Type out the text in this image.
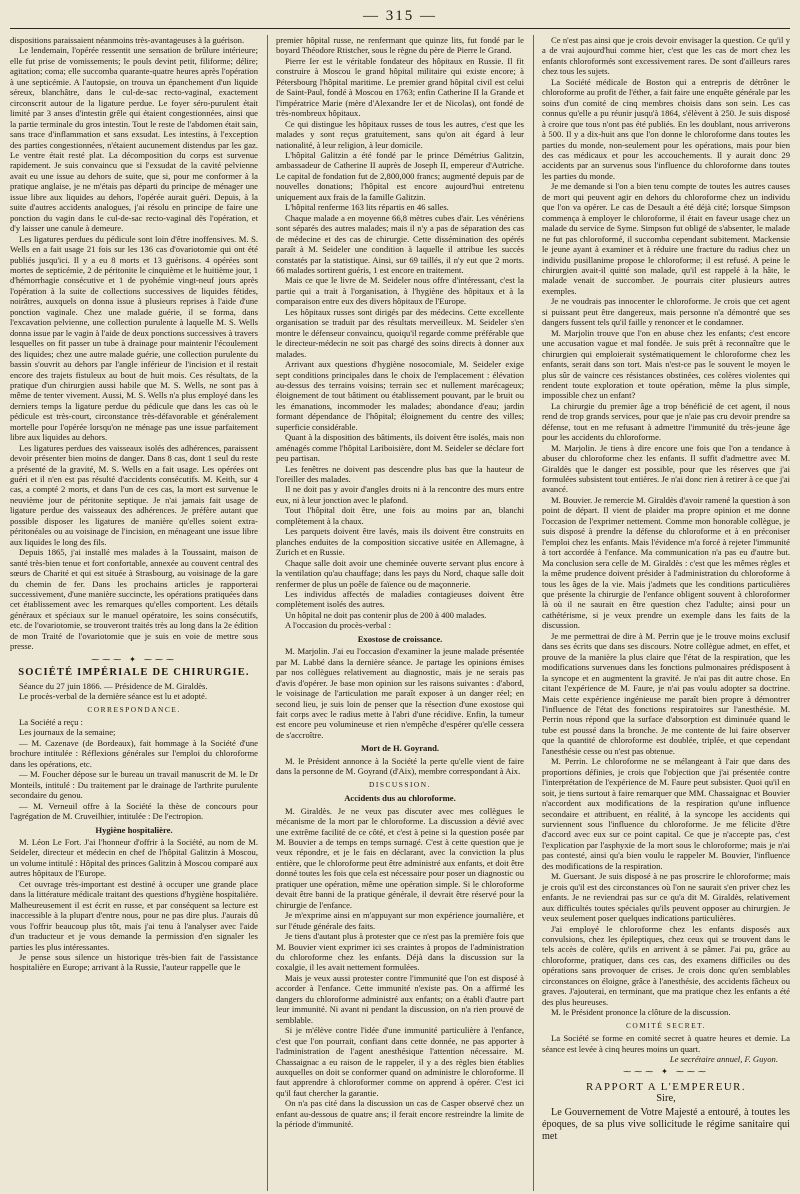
— 315 —

dispositions paraissaient néanmoins très-avantageuses à la guérison.

Le lendemain, l'opérée ressentit une sensation de brûlure intérieure; elle fut prise de vomissements; le pouls devint petit, filiforme; délire; agitation; coma; elle succomba quarante-quatre heures après l'opération à une septicémie. A l'autopsie, on trouva un épanchement d'un liquide séreux, blanchâtre, dans le cul-de-sac recto-vaginal, exactement circonscrit autour de la ligature perdue. Le foyer séro-purulent était limité par 3 anses d'intestin grêle qui étaient congestionnées, ainsi que la partie terminale du gros intestin. Tout le reste de l'abdomen était sain, sans trace d'inflammation et sans exsudat. Les intestins, à l'exception des parties congestionnées, n'étaient aucunement distendus par les gaz. Le ventre était resté plat. La décomposition du corps est survenue rapidement. Je suis convaincu que si l'exsudat de la cavité pelvienne avait eu une issue au dehors de suite, que si, pour me conformer à la pratique anglaise, je ne m'étais pas départi du principe de ménager une issue libre aux liquides au dehors, l'opérée aurait guéri. Depuis, à la suite d'autres accidents analogues, j'ai résolu en principe de faire une ponction du vagin dans le cul-de-sac recto-vaginal dès l'opération, et d'y laisser une canule à demeure.

Les ligatures perdues du pédicule sont loin d'être inoffensives. M. S. Wells en a fait usage 21 fois sur les 136 cas d'ovariotomie qui ont été publiés jusqu'ici. Il y a eu 8 morts et 13 guérisons. 4 opérées sont mortes de septicémie, 2 de péritonite le cinquième et le huitième jour, 1 d'hémorrhagie consécutive et 1 de pyohémie vingt-neuf jours après l'opération à la suite de collections successives de liquides fétides, noirâtres, auxquels on donna issue à plusieurs reprises à l'aide d'une ponction vaginale. Chez une malade guérie, il se forma, dans l'excavation pelvienne, une collection purulente à laquelle M. S. Wells donna issue par le vagin à l'aide de deux ponctions successives à travers lesquelles on fit passer un tube à drainage pour maintenir l'écoulement des liquides; chez une autre malade guérie, une collection purulente du bassin s'ouvrit au dehors par l'angle inférieur de l'incision et il restait encore des trajets fistuleux au bout de huit mois. Ces résultats, de la pratique d'un chirurgien aussi habile que M. S. Wells, ne sont pas à même de tenter vivement. Aussi, M. S. Wells n'a plus employé dans les derniers temps la ligature perdue du pédicule que dans les cas où le pédicule est très-court, circonstance très-défavorable et généralement mortelle pour l'opérée lorsqu'on ne ménage pas une issue parfaitement libre aux liquides au dehors.

Les ligatures perdues des vaisseaux isolés des adhérences, paraissent devoir présenter bien moins de danger. Dans 8 cas, dont 1 seul du reste a présenté de la gravité, M. S. Wells en a fait usage. Les opérées ont guéri et il n'en est pas résulté d'accidents consécutifs. M. Keith, sur 4 cas, a compté 2 morts, et dans l'un de ces cas, la mort est survenue le neuvième jour de péritonite septique. Je n'ai jamais fait usage de ligature perdue des vaisseaux des adhérences. Je préfère autant que possible disposer les ligatures de manière qu'elles soient extra-péritonéales ou au voisinage de l'incision, en ménageant une issue libre aux liquides le long des fils.

Depuis 1865, j'ai installé mes malades à la Toussaint, maison de santé très-bien tenue et fort confortable, annexée au couvent central des sœurs de Charité et qui est située à Strasbourg, au voisinage de la gare du chemin de fer. Dans les prochains articles je rapporterai successivement, d'une manière succincte, les opérations pratiquées dans cet établissement avec les remarques qu'elles comportent. Les détails généraux et spéciaux sur le manuel opératoire, les soins consécutifs, etc. de l'ovariotomie, se trouveront traités très au long dans la 2e édition de mon Traité de l'ovariotomie que je suis en voie de mettre sous presse.

⁓⁓⁓ ✦ ⁓⁓⁓
SOCIÉTÉ IMPÉRIALE DE CHIRURGIE.

Séance du 27 juin 1866. — Présidence de M. Giraldès.

Le procès-verbal de la dernière séance est lu et adopté.

CORRESPONDANCE.

La Société a reçu :

Les journaux de la semaine;

— M. Cazenave (de Bordeaux), fait hommage à la Société d'une brochure intitulée : Réflexions générales sur l'emploi du chloroforme dans les opérations, etc.

— M. Foucher dépose sur le bureau un travail manuscrit de M. le Dr Monteils, intitulé : Du traitement par le drainage de l'arthrite purulente secondaire du genou.

— M. Verneuil offre à la Société la thèse de concours pour l'agrégation de M. Cruveilhier, intitulée : De l'ectropion.

Hygiène hospitalière.

M. Léon Le Fort. J'ai l'honneur d'offrir à la Société, au nom de M. Seideler, directeur et médecin en chef de l'hôpital Galitzin à Moscou, un volume intitulé : Hôpital des princes Galitzin à Moscou comparé aux autres hôpitaux de l'Europe.

Cet ouvrage très-important est destiné à occuper une grande place dans la littérature médicale traitant des questions d'hygiène hospitalière. Malheureusement il est écrit en russe, et par conséquent sa lecture est inaccessible à la plupart d'entre nous, pour ne pas dire plus. J'aurais dû vous l'offrir beaucoup plus tôt, mais j'ai tenu à l'analyser avec l'aide d'un traducteur et je vous demande la permission d'en signaler les parties les plus intéressantes.

Je pense sous silence un historique très-bien fait de l'assistance hospitalière en Europe; arrivant à la Russie, l'auteur rappelle que le

premier hôpital russe, ne renfermant que quinze lits, fut fondé par le boyard Théodore Rtistcher, sous le règne du père de Pierre le Grand.

Pierre Ier est le véritable fondateur des hôpitaux en Russie. Il fit construire à Moscou le grand hôpital militaire qui existe encore; à Pétersbourg l'hôpital maritime. Le premier grand hôpital civil est celui de Saint-Paul, fondé à Moscou en 1763; enfin Catherine II la Grande et l'impératrice Marie (mère d'Alexandre Ier et de Nicolas), ont fondé de très-nombreux hôpitaux.

Ce qui distingue les hôpitaux russes de tous les autres, c'est que les malades y sont reçus gratuitement, sans qu'on ait égard à leur nationalité, à leur religion, à leur domicile.

L'hôpital Galitzin a été fondé par le prince Démétrius Galitzin, ambassadeur de Catherine II auprès de Joseph II, empereur d'Autriche. Le capital de fondation fut de 2,800,000 francs; augmenté depuis par de nouvelles donations; l'hôpital est encore aujourd'hui entretenu uniquement aux frais de la famille Galitzin.

L'hôpital renferme 163 lits répartis en 46 salles.

Chaque malade a en moyenne 66,8 mètres cubes d'air. Les vénériens sont séparés des autres malades; mais il n'y a pas de séparation des cas de médecine et des cas de chirurgie. Cette dissémination des opérés paraît à M. Seideler une condition à laquelle il attribue les succès constatés par la statistique. Ainsi, sur 69 taillés, il n'y eut que 2 morts. 66 malades sortirent guéris, 1 est encore en traitement.

Mais ce que le livre de M. Seideler nous offre d'intéressant, c'est la partie qui a trait à l'organisation, à l'hygiène des hôpitaux et à la comparaison entre eux des divers hôpitaux de l'Europe.

Les hôpitaux russes sont dirigés par des médecins. Cette excellente organisation se traduit par des résultats merveilleux. M. Seideler s'en montre le défenseur convaincu, quoiqu'il regarde comme préférable que le directeur-médecin ne soit pas chargé des soins directs à donner aux malades.

Arrivant aux questions d'hygiène nosocomiale, M. Seideler exige sept conditions principales dans le choix de l'emplacement : élévation au-dessus des terrains voisins; terrain sec et nullement marécageux; éloignement de tout bâtiment ou établissement pouvant, par le bruit ou les émanations, incommoder les malades; abondance d'eau; jardin formant dépendance de l'hôpital; éloignement du centre des villes; superficie considérable.

Quant à la disposition des bâtiments, ils doivent être isolés, mais non aménagés comme l'hôpital Lariboisière, dont M. Seideler se déclare fort peu partisan.

Les fenêtres ne doivent pas descendre plus bas que la hauteur de l'oreiller des malades.

Il ne doit pas y avoir d'angles droits ni à la rencontre des murs entre eux, ni à leur jonction avec le plafond.

Tout l'hôpital doit être, une fois au moins par an, blanchi complètement à la chaux.

Les parquets doivent être lavés, mais ils doivent être construits en planches enduites de la composition siccative usitée en Allemagne, à Zurich et en Russie.

Chaque salle doit avoir une cheminée ouverte servant plus encore à la ventilation qu'au chauffage; dans les pays du Nord, chaque salle doit renfermer de plus un poêle de faïence ou de maçonnerie.

Les individus affectés de maladies contagieuses doivent être complètement isolés des autres.

Un hôpital ne doit pas contenir plus de 200 à 400 malades.

A l'occasion du procès-verbal :

Exostose de croissance.

M. Marjolin. J'ai eu l'occasion d'examiner la jeune malade présentée par M. Labbé dans la dernière séance. Je partage les opinions émises par nos collègues relativement au diagnostic, mais je ne serais pas d'avis d'opérer. Je base mon opinion sur les raisons suivantes : d'abord, le voisinage de l'articulation me paraît exposer à un danger réel; en second lieu, je suis loin de penser que la résection d'une exostose qui fait corps avec le radius mette à l'abri d'une récidive. Enfin, la tumeur est encore peu volumineuse et rien n'empêche d'espérer qu'elle cessera de s'accroître.

Mort de H. Goyrand.

M. le Président annonce à la Société la perte qu'elle vient de faire dans la personne de M. Goyrand (d'Aix), membre correspondant à Aix.

DISCUSSION.
Accidents dus au chloroforme.

M. Giraldès. Je ne veux pas discuter avec mes collègues le mécanisme de la mort par le chloroforme. La discussion a dévié avec une extrême facilité de ce côté, et c'est à peine si la question posée par M. Bouvier a de temps en temps surnagé. C'est à cette question que je veux répondre, et je le fais en déclarant, avec la conviction la plus entière, que le chloroforme peut être administré aux enfants, et doit être donné toutes les fois que cela est nécessaire pour poser un diagnostic ou pratiquer une opération, même une opération simple. Si le chloroforme devait être banni de la pratique générale, il devrait être réservé pour la chirurgie de l'enfance.

Je m'exprime ainsi en m'appuyant sur mon expérience journalière, et sur l'étude générale des faits.

Je tiens d'autant plus à protester que ce n'est pas la première fois que M. Bouvier vient exprimer ici ses craintes à propos de l'administration du chloroforme chez les enfants. Déjà dans la discussion sur la coxalgie, il les avait nettement formulées.

Mais je veux aussi protester contre l'immunité que l'on est disposé à accorder à l'enfance. Cette immunité n'existe pas. On a affirmé les dangers du chloroforme administré aux enfants; on a établi d'autre part leur immunité. Ni avant ni pendant la discussion, on n'a rien prouvé de semblable.

Si je m'élève contre l'idée d'une immunité particulière à l'enfance, c'est que l'on pourrait, confiant dans cette donnée, ne pas apporter à l'administration de l'agent anesthésique l'attention nécessaire. M. Chassaignac a eu raison de le rappeler, il y a des règles bien établies auxquelles on doit se conformer quand on administre le chloroforme. Il faut apprendre à chloroformer comme on apprend à opérer. C'est ici qu'il faut chercher la garantie.

On n'a pas cité dans la discussion un cas de Casper observé chez un enfant au-dessous de quatre ans; il ferait encore restreindre la limite de la période d'immunité.

Ce n'est pas ainsi que je crois devoir envisager la question. Ce qu'il y a de vrai aujourd'hui comme hier, c'est que les cas de mort chez les enfants chloroformés sont excessivement rares. De sont d'ailleurs rares chez tous les sujets.

La Société médicale de Boston qui a entrepris de détrôner le chloroforme au profit de l'éther, a fait faire une enquête générale par les soins d'un comité de cinq membres choisis dans son sein. Les cas connus qu'elle a pu réunir jusqu'à 1864, s'élèvent à 250. Je suis disposé à croire que tous n'ont pas été publiés. En les doublant, nous arriverons à 500. Il y a dix-huit ans que l'on donne le chloroforme dans toutes les parties du monde, non-seulement pour les opérations, mais pour bien des cas médicaux et pour les accouchements. Il y aurait donc 29 accidents par an survenus sous l'influence du chloroforme dans toutes les parties du monde.

Je me demande si l'on a bien tenu compte de toutes les autres causes de mort qui peuvent agir en dehors du chloroforme chez un individu que l'on va opérer. Le cas de Desault a été déjà cité; lorsque Simpson commença à employer le chloroforme, il était en faveur usage chez un malade du service de Syme. Simpson fut obligé de s'absenter, le malade ne fut pas chloroformé, il succomba cependant subitement. Mackensie le jeune ayant à examiner et à réduire une fracture du radius chez un individu pusillanime propose le chloroforme; il est refusé. A peine le chirurgien avait-il quitté son malade, qu'il est rappelé à la hâte, le malade venait de succomber. Je pourrais citer plusieurs autres exemples.

Je ne voudrais pas innocenter le chloroforme. Je crois que cet agent si puissant peut être dangereux, mais personne n'a démontré que ses dangers fussent tels qu'il faille y renoncer et le condamner.

M. Marjolin trouve que l'on en abuse chez les enfants; c'est encore une accusation vague et mal fondée. Je suis prêt à reconnaître que le chirurgien qui emploierait systématiquement le chloroforme chez les enfants, serait dans son tort. Mais n'est-ce pas le souvent le moyen le plus sûr de vaincre ces résistances obstinées, ces colères violentes qui rendent toute exploration et toute opération, même la plus simple, impossible chez un enfant?

La chirurgie du premier âge a trop bénéficié de cet agent, il nous rend de trop grands services, pour que je n'aie pas cru devoir prendre sa défense, tout en me refusant à admettre l'immunité du très-jeune âge pour les accidents du chloroforme.

M. Marjolin. Je tiens à dire encore une fois que l'on a tendance à abuser du chloroforme chez les enfants. Il suffit d'admettre avec M. Giraldès que le danger est possible, pour que les réserves que j'ai formulées subsistent tout entières. Je n'ai donc rien à retirer à ce que j'ai avancé.

M. Bouvier. Je remercie M. Giraldès d'avoir ramené la question à son point de départ. Il vient de plaider ma propre opinion et me donne l'occasion de l'exprimer nettement. Comme mon honorable collègue, je suis disposé à prendre la défense du chloroforme et à en préconiser l'emploi chez les enfants. Mais l'évidence m'a forcé à rejeter l'immunité à tort accordée à l'enfance. Ma communication n'a pas eu d'autre but. Ma conclusion sera celle de M. Giraldès : c'est que les mêmes règles et la même prudence doivent présider à l'administration du chloroforme à tous les âges de la vie. Mais j'admets que les conditions particulières que présente la chirurgie de l'enfance obligent souvent à chloroformer là où il ne saurait en être question chez l'adulte; ainsi pour un cathétérisme, si je veux prendre un exemple dans les faits de la discussion.

Je me permettrai de dire à M. Perrin que je le trouve moins exclusif dans ses écrits que dans ses discours. Notre collègue admet, en effet, et prouve de la manière la plus claire que l'état de la respiration, que les modifications survenues dans les fonctions pulmonaires prédisposent à la syncope et en augmentent la gravité. Je n'ai pas dit autre chose. En citant l'expérience de M. Faure, je n'ai pas voulu adopter sa doctrine. Mais cette expérience ingénieuse me paraît bien propre à démontrer l'influence de l'état des fonctions respiratoires sur l'anesthésie. M. Perrin nous répond que la surface d'absorption est diminuée quand le tube est poussé dans la bronche. Je me contente de lui faire observer que la quantité de chloroforme est doublée, triplée, et que cependant l'anesthésie cesse ou n'est pas obtenue.

M. Perrin. Le chloroforme ne se mélangeant à l'air que dans des proportions définies, je crois que l'objection que j'ai présentée contre l'interprétation de l'expérience de M. Faure peut subsister. Quoi qu'il en soit, je tiens surtout à faire remarquer que MM. Chassaignac et Bouvier n'accordent aux modifications de la respiration qu'une influence secondaire et attribuent, en réalité, à la syncope les accidents qui surviennent sous l'influence du chloroforme. Je me félicite d'être d'accord avec eux sur ce point capital. Ce que je n'accepte pas, c'est l'explication par l'asphyxie de la mort sous le chloroforme; mais je n'ai pas contesté, ainsi qu'a bien voulu le rappeler M. Bouvier, l'influence des modifications de la respiration.

M. Guersant. Je suis disposé à ne pas proscrire le chloroforme; mais je crois qu'il est des circonstances où l'on ne saurait s'en priver chez les enfants. Je ne reviendrai pas sur ce qu'a dit M. Giraldès, relativement aux difficultés toutes spéciales qu'ils peuvent opposer au chirurgien. Je veux seulement poser quelques indications particulières.

J'ai employé le chloroforme chez les enfants disposés aux convulsions, chez les épileptiques, chez ceux qui se trouvent dans le tels accès de colère, qu'ils en arrivent à se pâmer. J'ai pu, grâce au chloroforme, pratiquer, dans ces cas, des examens difficiles ou des opérations sans provoquer de crises. Je crois donc qu'en semblables circonstances on éloigne, grâce à l'anesthésie, des accidents fâcheux ou graves. J'ajouterai, en terminant, que ma pratique chez les enfants a été des plus heureuses.

M. le Président prononce la clôture de la discussion.

COMITÉ SECRET.

La Société se forme en comité secret à quatre heures et demie. La séance est levée à cinq heures moins un quart.

Le secrétaire annuel, F. Guyon.
⁓⁓⁓ ✦ ⁓⁓⁓
RAPPORT A L'EMPEREUR.
Sire,

Le Gouvernement de Votre Majesté a entouré, à toutes les époques, de sa plus vive sollicitude le régime sanitaire qui met
